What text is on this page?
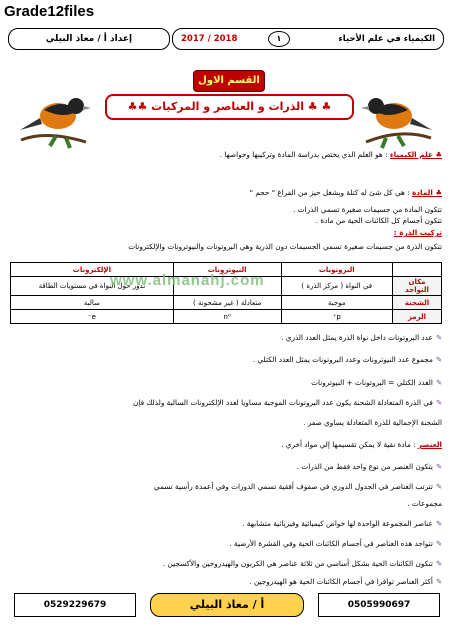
Grade12files
إعداد أ / معاذ البيلي	الكيمياء في علم الأحياء
١
2018 / 2017
القسم الاول
♣ ♣ الذرات و العناصر و المركبات ♣♣
♣ علم الكيمياء : هو العلم الذي يختص بدراسة المادة وتركيبها وخواصها .
♣ المادة : هي كل شئ له كتلة ويشغل حيز من الفراغ " حجم "
تتكون المادة من جسيمات صغيرة تسمي الذرات .
تتكون أجسام كل الكائنات الحية من مادة .
تركيب الذرة :
تتكون الذرة من جسيمات صغيرة تسمي الجسيمات دون الذرية وهي البروتونات والنيوترونات والإلكترونات
	البروتونات	النيوترونات	الإلكترونات
مكان التواجد	في النواة ( مركز الذرة )		تدور حول النواة في مستويات الطاقة
الشحنة	موجبة	متعادلة ( غير مشحونة )	سالبة
الرمز	p⁺	n⁰	e⁻
www.almanahj.com
✎عدد البروتونات داخل نواة الذرة يمثل العدد الذري .
✎مجموع عدد النيوترونات وعدد البروتونات يمثل العدد الكتلي .
✎العدد الكتلي = البروتونات + النيوترونات
✎في الذرة المتعادلة الشحنة يكون عدد البروتونات الموجبة مساويا لعدد الإلكترونات السالبة ولذلك فإن
الشحنة الإجمالية للذرة المتعادلة يساوي صفر .
العنصر : مادة نقية لا يمكن تقسيمها إلي مواد أخري .
✎يتكون العنصر من نوع واحد فقط من الذرات .
✎تترتب العناصر في الجدول الدوري في صفوف أفقية تسمي الدورات وفي أعمدة رأسية تسمي
مجموعات .
✎عناصر المجموعة الواحدة لها خواص كيميائية وفيزيائية متشابهة .
✎تتواجد هذه العناصر في أجسام الكائنات الحية وفي القشرة الأرضية .
✎تتكون الكائنات الحية بشكل أساسي من ثلاثة عناصر هي الكربون والهيدروجين والأكسجين .
✎أكثر العناصر توافرا في أجسام الكائنات الحية هو الهيدروجين .
0529229679	أ / معاذ البيلي	0505990697
